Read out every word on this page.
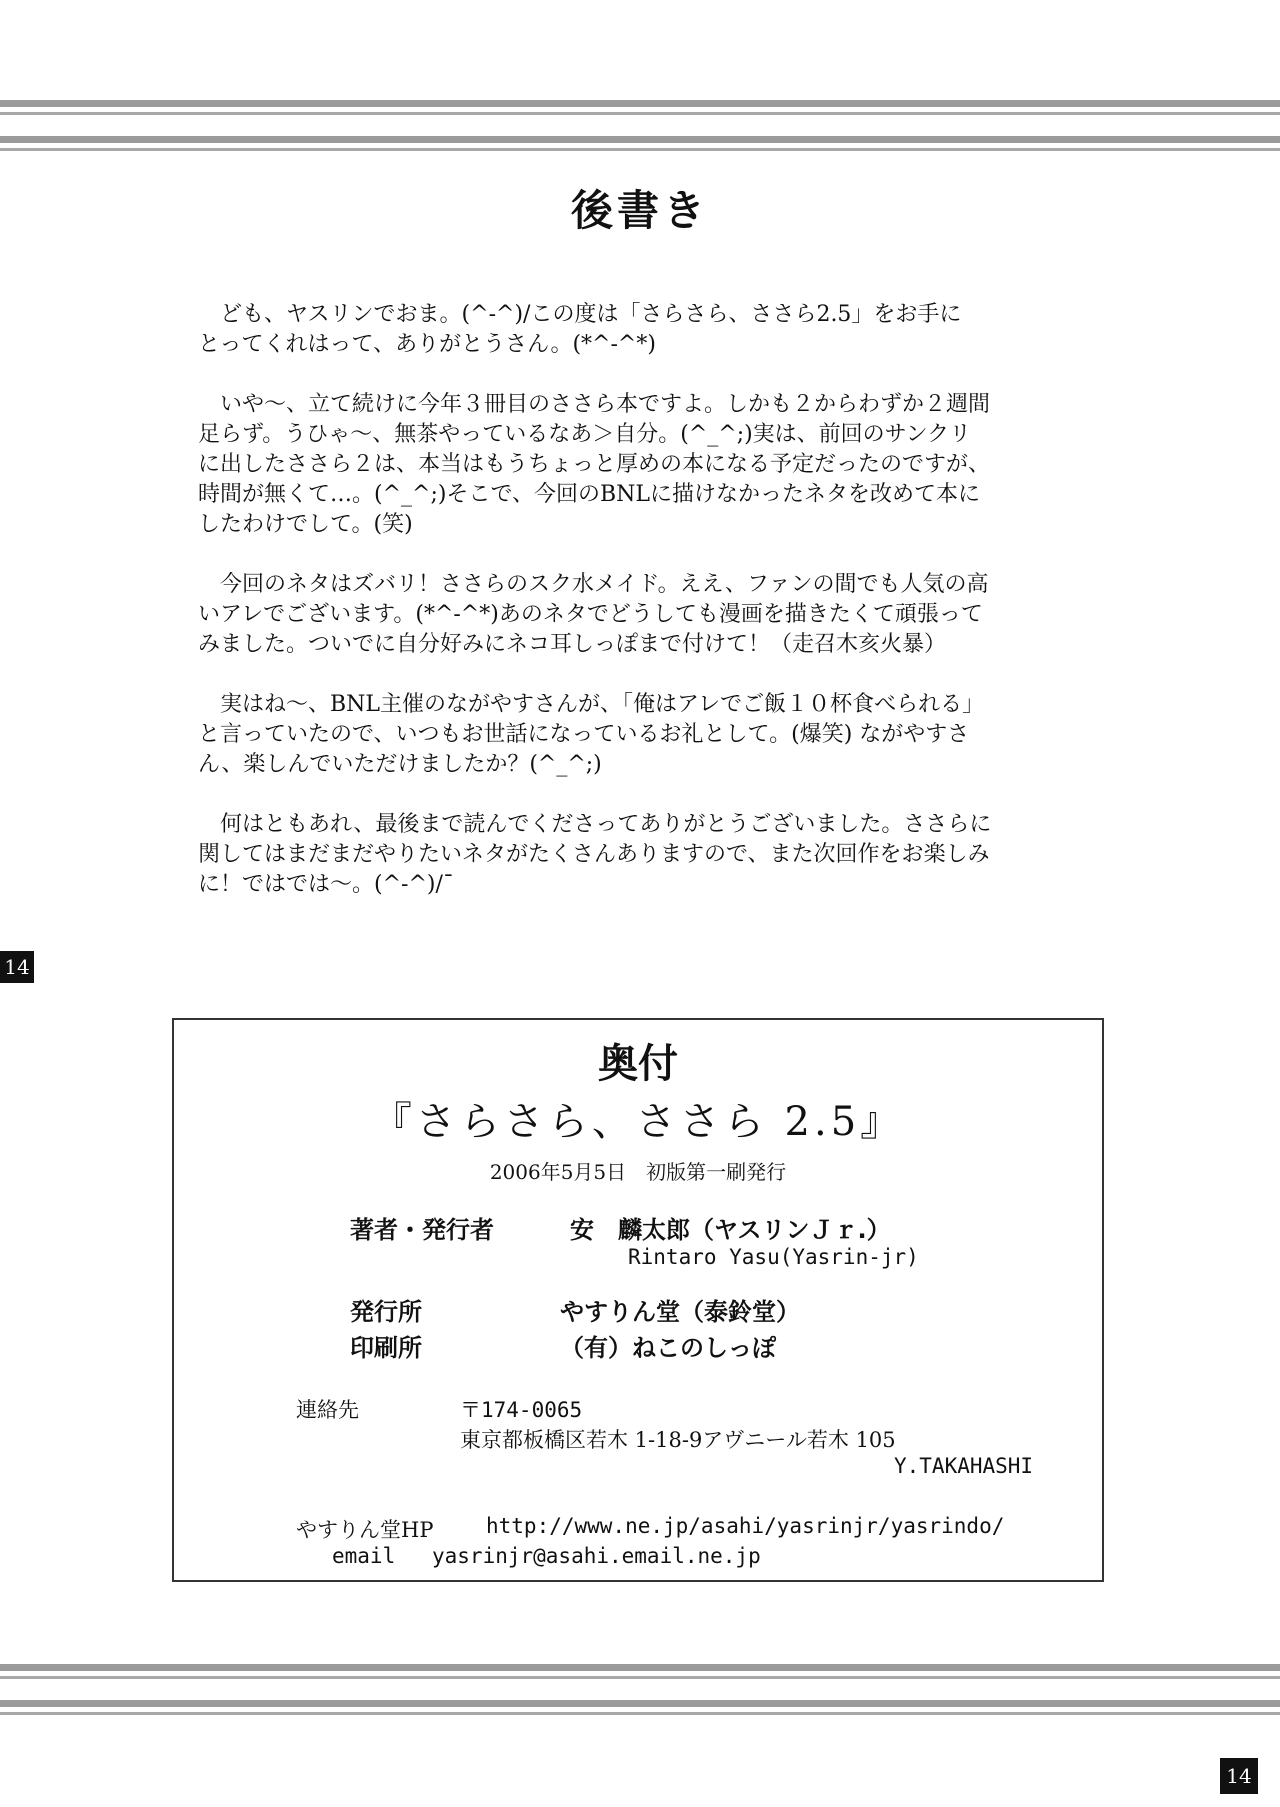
後書き

ども、ヤスリンでおま。(^-^)/この度は「さらさら、ささら2.5」をお手に
とってくれはって、ありがとうさん。(*^-^*)

いや〜、立て続けに今年３冊目のささら本ですよ。しかも２からわずか２週間
足らず。うひゃ〜、無茶やっているなあ＞自分。(^_^;)実は、前回のサンクリ
に出したささら２は、本当はもうちょっと厚めの本になる予定だったのですが、
時間が無くて…。(^_^;)そこで、今回のBNLに描けなかったネタを改めて本に
したわけでして。(笑)

今回のネタはズバリ！ささらのスク水メイド。ええ、ファンの間でも人気の高
いアレでございます。(*^-^*)あのネタでどうしても漫画を描きたくて頑張って
みました。ついでに自分好みにネコ耳しっぽまで付けて！（走召木亥火暴）

実はね〜、BNL主催のながやすさんが、「俺はアレでご飯１０杯食べられる」
と言っていたので、いつもお世話になっているお礼として。(爆笑) ながやすさ
ん、楽しんでいただけましたか？(^_^;)

何はともあれ、最後まで読んでくださってありがとうございました。ささらに
関してはまだまだやりたいネタがたくさんありますので、また次回作をお楽しみ
に！ではでは〜。(^-^)/¯

14
14
奥付
『さらさら、ささら 2.5』
2006年5月5日　初版第一刷発行
著者・発行者	安　麟太郎（ヤスリンＪｒ.）
Rintaro Yasu(Yasrin-jr)
発行所	やすりん堂（泰鈴堂）
印刷所	（有）ねこのしっぽ
連絡先	〒174-0065
東京都板橋区若木 1-18-9アヴニール若木 105
Y.TAKAHASHI
やすりん堂HP	http://www.ne.jp/asahi/yasrinjr/yasrindo/
email yasrinjr@asahi.email.ne.jp
